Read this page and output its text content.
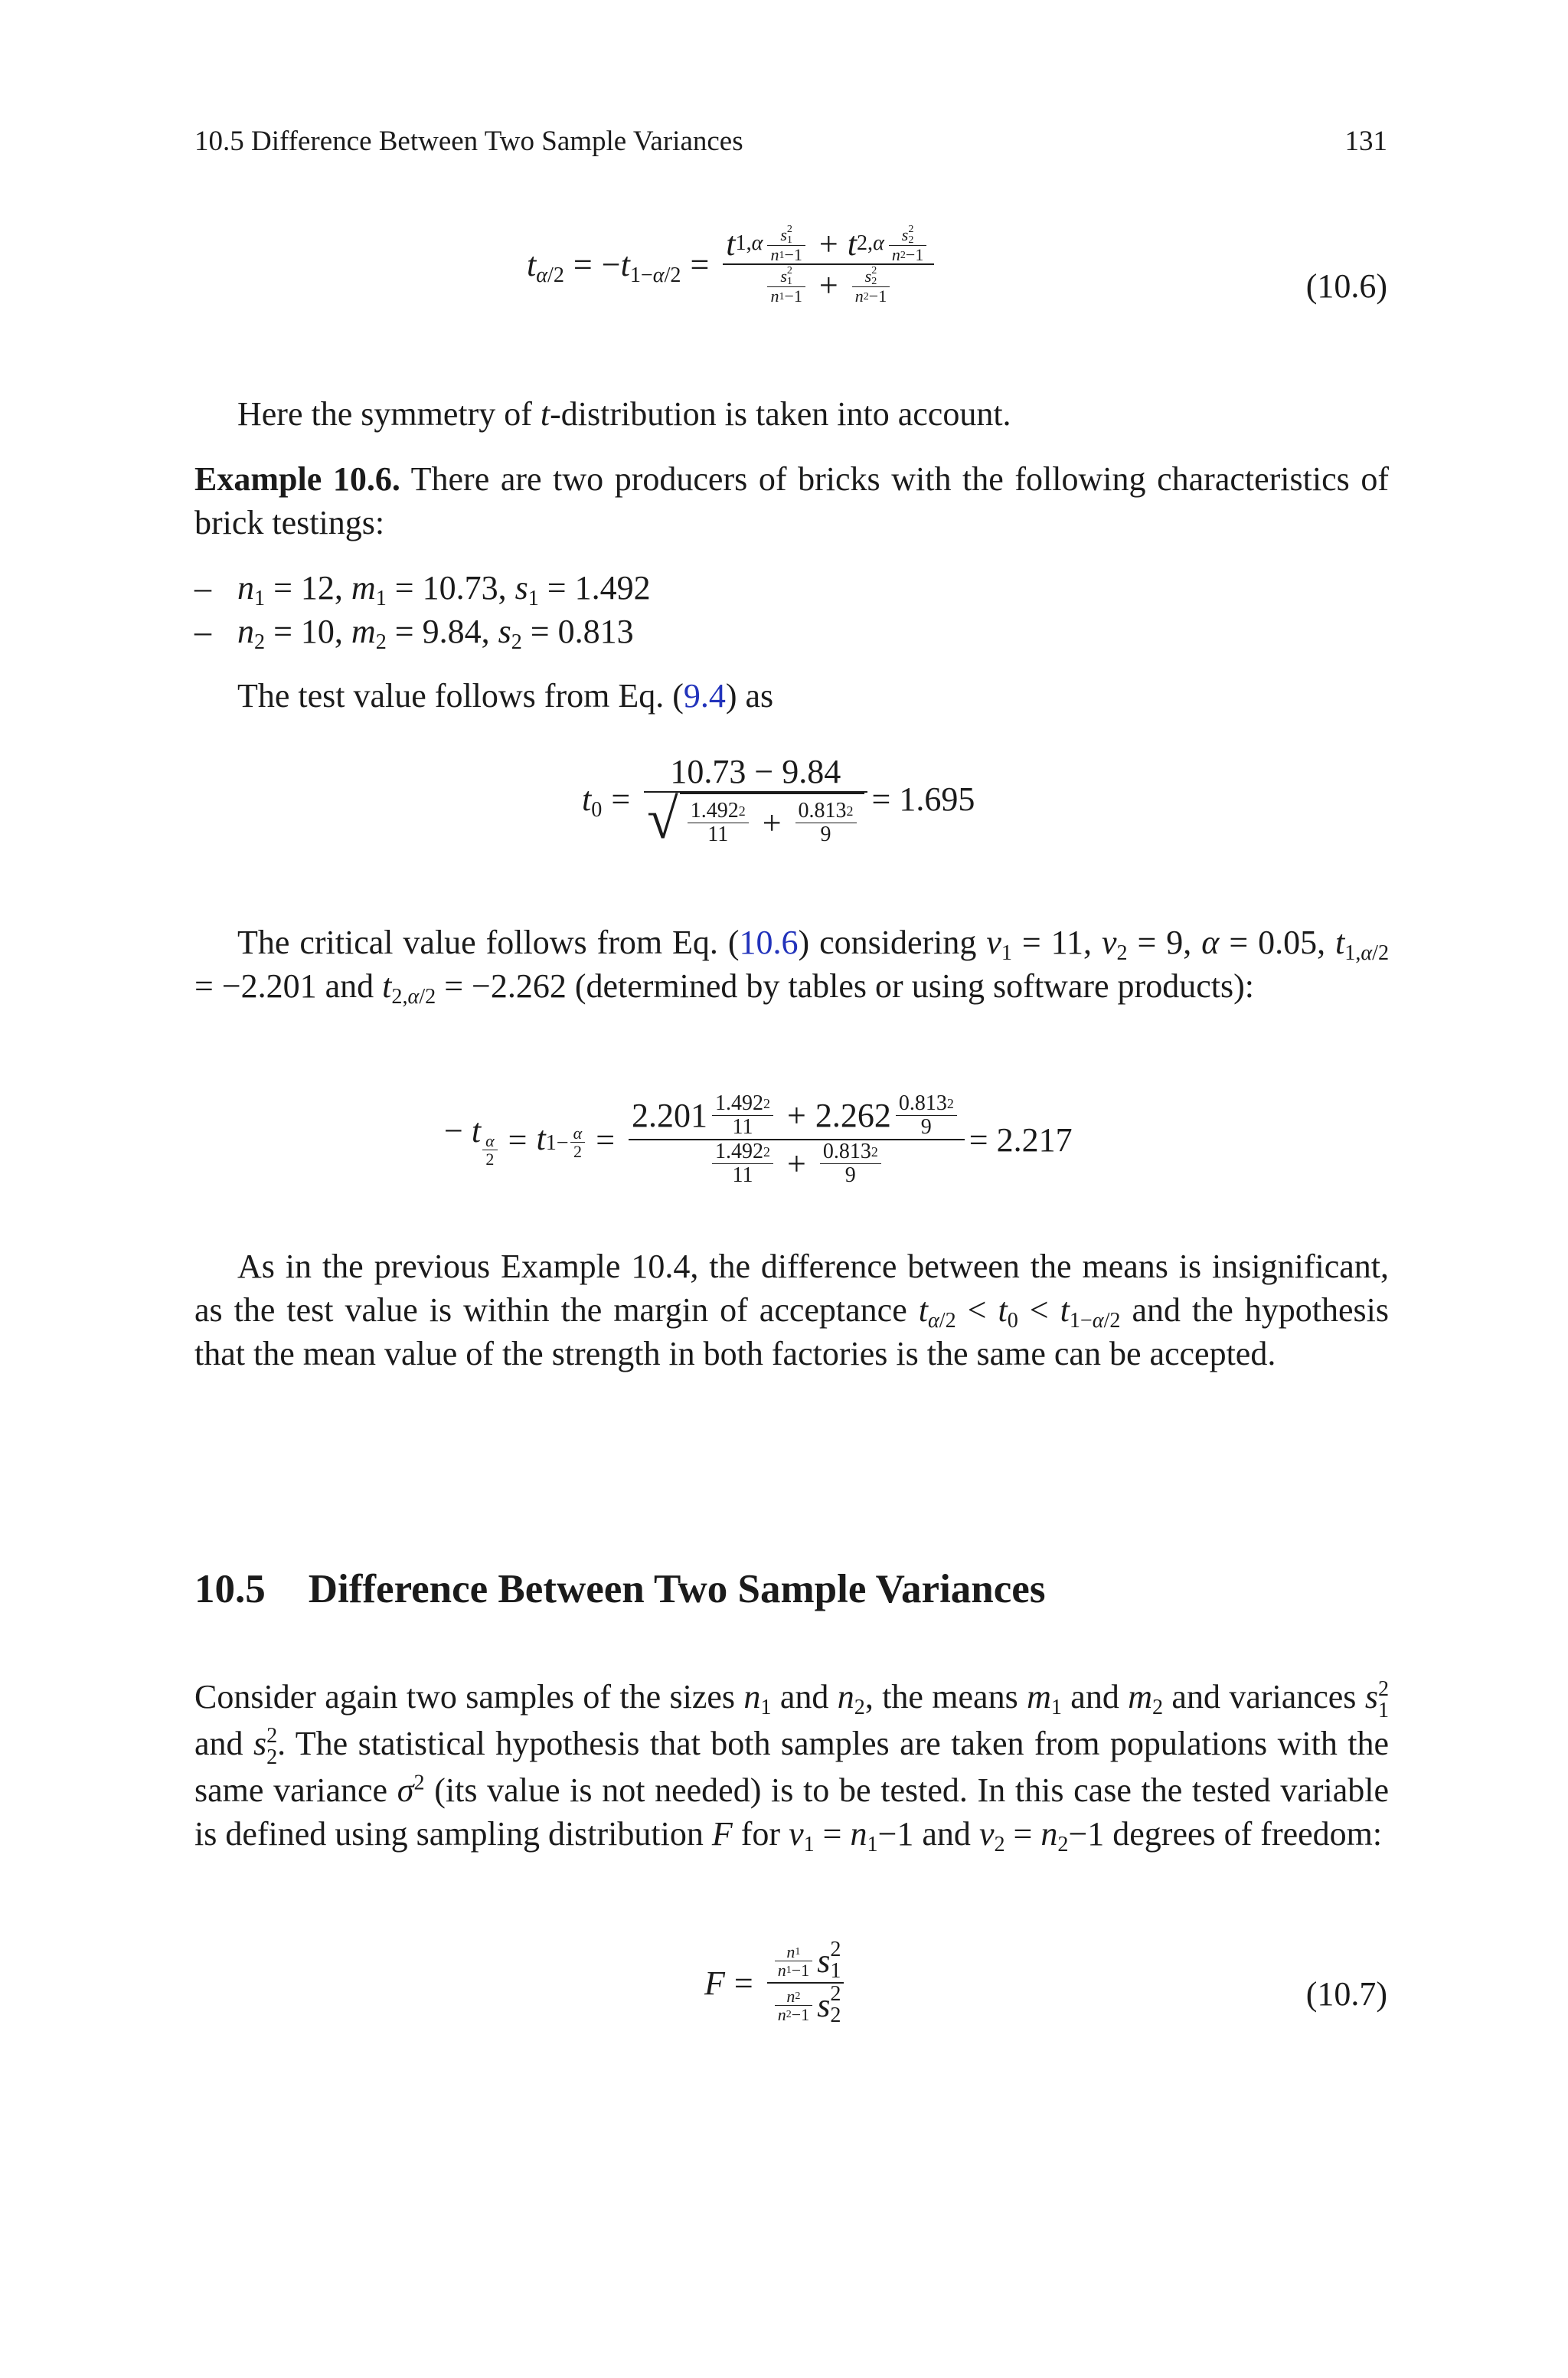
10.5 Difference Between Two Sample Variances	131
$t_{\alpha/2} = -t_{1-\alpha/2} = t$ 1,α s 2
1
n 1 −1 + t 2,α s 2
2
n 2 −1
s 2
1
n 1 −1 + s 2
2
n 2 −1	(10.6)

Here the symmetry of t-distribution is taken into account.

Example 10.6. There are two producers of bricks with the following characteristics of brick testings:

– $n_1 = 12$, $m_1 = 10.73$, $s_1 = 1.492$
– $n_2 = 10$, $m_2 = 9.84$, $s_2 = 0.813$

The test value follows from Eq. (9.4) as

$t_0$ =
10.73 − 9.84
√ $\frac{1.492 2}{11} + \frac{0.813 2}{9} = 1.695$

The critical value follows from Eq. (10.6) considering $\nu_1 = 11$, $\nu_2 = 9$, α = 0.05, $t_{1,\alpha/2} = -2.201$ and $t_{2,\alpha/2} = -2.262$ (determined by tables or using software products):

− t
$\frac{\alpha}{2} = t1- \frac{\alpha}{2}$ =
$2.201 \frac{1.492 2}{11} + 2.262 \frac{0.813 2}{9}$
$\frac{1.492 2}{11} + \frac{0.813 2}{9}$
= 2.217

As in the previous Example 10.4, the difference between the means is insignificant, as the test value is within the margin of acceptance $t_{\alpha/2} < t_0 < t_{1-\alpha/2}$ and the hypothesis that the mean value of the strength in both factories is the same can be accepted.

10.5 Difference Between Two Sample Variances

Consider again two samples of the sizes $n_1$ and $n_2$, the means $m_1$ and $m_2$ and variances s 2
1
and s 2
2 . The statistical hypothesis that both samples are taken from populations with the same variance $\sigma^2$ (its value is not needed) is to be tested. In this case the tested variable is defined using sampling distribution F for $\nu_1 = n_1-1$ and $\nu_2 = n_2-1$ degrees of freedom:

$F = \frac{n 1}{n 1 -1}$ s 2
1
$\frac{n 2}{n 2 -1}$ s 2
2	(10.7)
